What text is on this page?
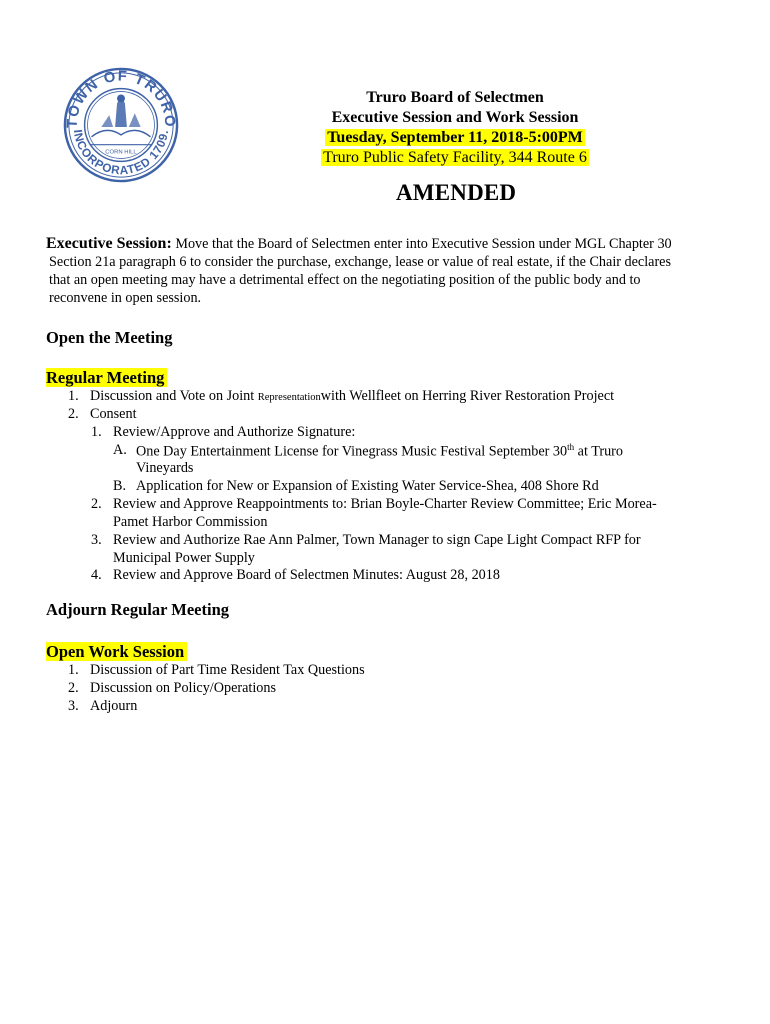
TOWN OF TRURO
INCORPORATED 1709.
CORN HILL
Truro Board of Selectmen
Executive Session and Work Session
Tuesday, September 11, 2018-5:00PM
Truro Public Safety Facility, 344 Route 6
AMENDED
Executive Session: Move that the Board of Selectmen enter into Executive Session under MGL Chapter 30
Section 21a paragraph 6 to consider the purchase, exchange, lease or value of real estate, if the Chair declares
that an open meeting may have a detrimental effect on the negotiating position of the public body and to
reconvene in open session.
Open the Meeting
Regular Meeting
1. Discussion and Vote on Joint Representationwith Wellfleet on Herring River Restoration Project
2. Consent
1. Review/Approve and Authorize Signature:
A. One Day Entertainment License for Vinegrass Music Festival September 30th at Truro
Vineyards
B. Application for New or Expansion of Existing Water Service-Shea, 408 Shore Rd
2. Review and Approve Reappointments to: Brian Boyle-Charter Review Committee; Eric Morea-
Pamet Harbor Commission
3. Review and Authorize Rae Ann Palmer, Town Manager to sign Cape Light Compact RFP for
Municipal Power Supply
4. Review and Approve Board of Selectmen Minutes: August 28, 2018
Adjourn Regular Meeting
Open Work Session
1. Discussion of Part Time Resident Tax Questions
2. Discussion on Policy/Operations
3. Adjourn
